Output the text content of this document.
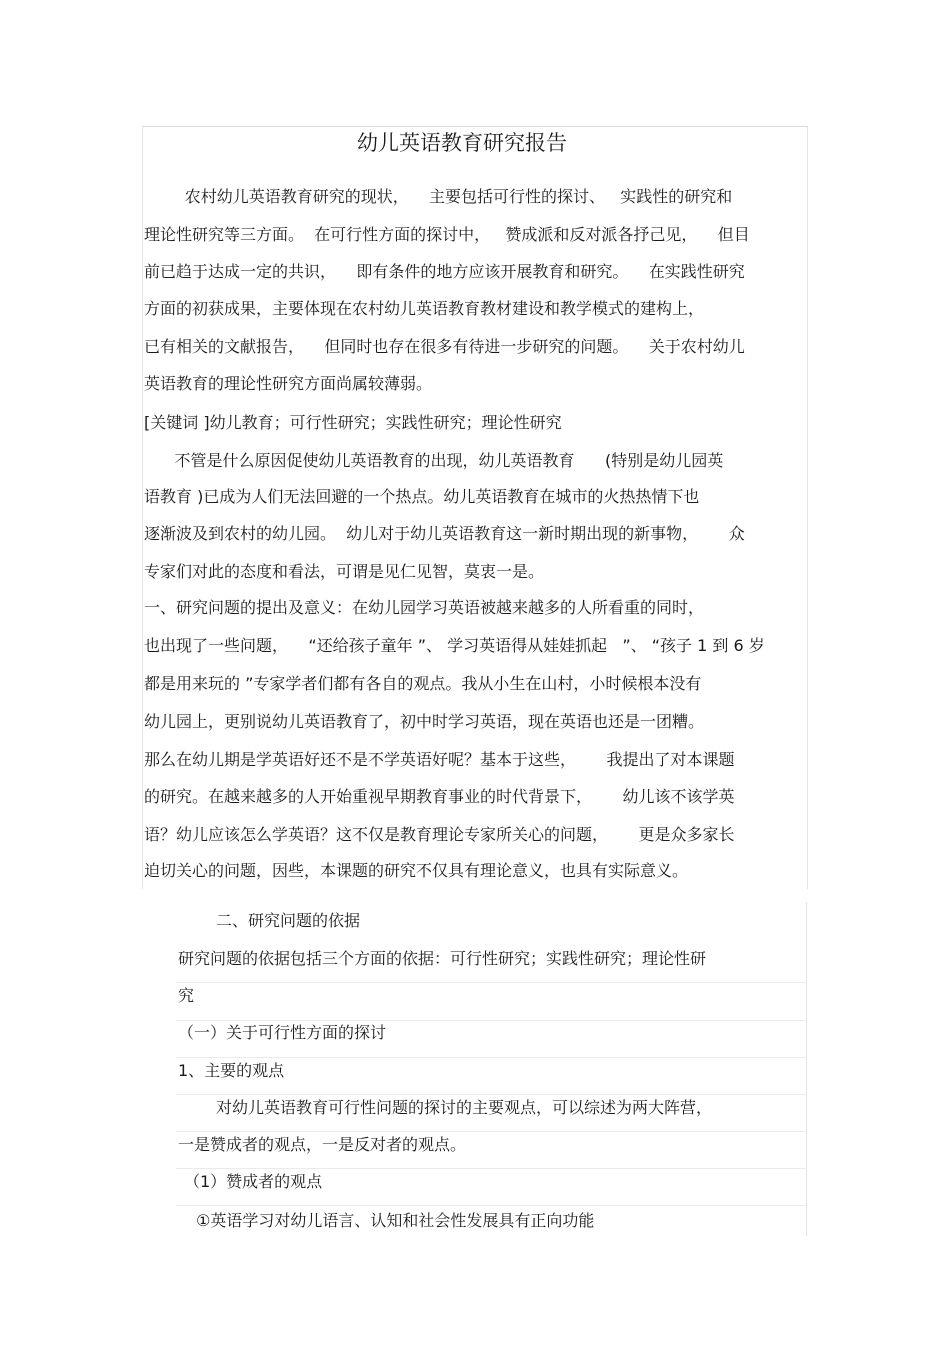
幼儿英语教育研究报告
农村幼儿英语教育研究的现状，    主要包括可行性的探讨、   实践性的研究和
理论性研究等三方面。  在可行性方面的探讨中，   赞成派和反对派各抒己见，    但目
前已趋于达成一定的共识，    即有条件的地方应该开展教育和研究。    在实践性研究
方面的初获成果，主要体现在农村幼儿英语教育教材建设和教学模式的建构上，
已有相关的文献报告，    但同时也存在很多有待进一步研究的问题。    关于农村幼儿
英语教育的理论性研究方面尚属较薄弱。
[关键词 ]幼儿教育；可行性研究；实践性研究；理论性研究
不管是什么原因促使幼儿英语教育的出现，幼儿英语教育      (特别是幼儿园英
语教育 )已成为人们无法回避的一个热点。幼儿英语教育在城市的火热热情下也
逐渐波及到农村的幼儿园。  幼儿对于幼儿英语教育这一新时期出现的新事物，      众
专家们对此的态度和看法，可谓是见仁见智，莫衷一是。
一、研究问题的提出及意义：在幼儿园学习英语被越来越多的人所看重的同时，
也出现了一些问题，    “还给孩子童年 ”、 学习英语得从娃娃抓起   ”、 “孩子 1 到 6 岁
都是用来玩的 ”专家学者们都有各自的观点。我从小生在山村，小时候根本没有
幼儿园上，更别说幼儿英语教育了，初中时学习英语，现在英语也还是一团糟。
那么在幼儿期是学英语好还不是不学英语好呢？基本于这些，      我提出了对本课题
的研究。在越来越多的人开始重视早期教育事业的时代背景下，      幼儿该不该学英
语？幼儿应该怎么学英语？这不仅是教育理论专家所关心的问题，      更是众多家长
迫切关心的问题，因些，本课题的研究不仅具有理论意义，也具有实际意义。
二、研究问题的依据
研究问题的依据包括三个方面的依据：可行性研究；实践性研究；理论性研
究
（一）关于可行性方面的探讨
1、主要的观点
对幼儿英语教育可行性问题的探讨的主要观点，可以综述为两大阵营，
一是赞成者的观点，一是反对者的观点。
（1）赞成者的观点
①英语学习对幼儿语言、认知和社会性发展具有正向功能
